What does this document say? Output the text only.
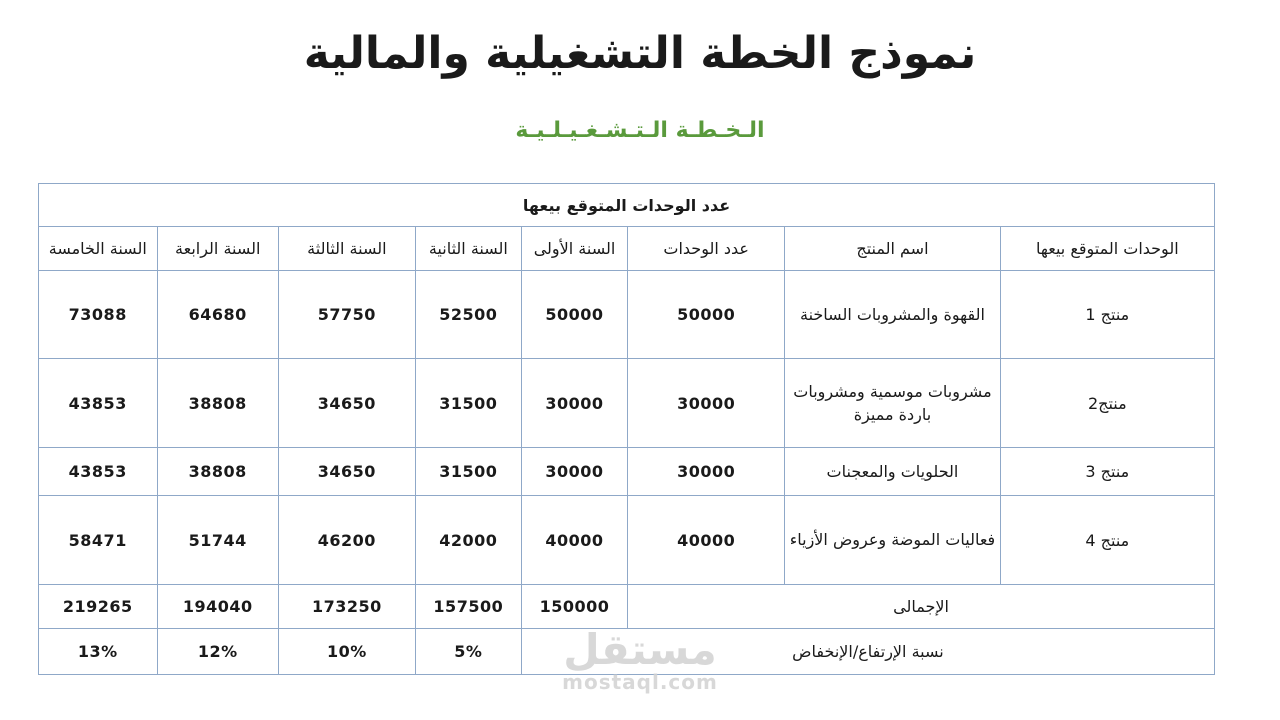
نموذج الخطة التشغيلية والمالية
الـخـطـة الـتـشـغـيـلـيـة
عدد الوحدات المتوقع بيعها							
الوحدات المتوقع بيعها	اسم المنتج	عدد الوحدات	السنة الأولى	السنة الثانية	السنة الثالثة	السنة الرابعة	السنة الخامسة
منتج 1	القهوة والمشروبات الساخنة	50000	50000	52500	57750	64680	73088
منتج2	مشروبات موسمية ومشروبات باردة مميزة	30000	30000	31500	34650	38808	43853
منتج 3	الحلويات والمعجنات	30000	30000	31500	34650	38808	43853
منتج 4	فعاليات الموضة وعروض الأزياء	40000	40000	42000	46200	51744	58471
الإجمالى			150000	157500	173250	194040	219265
نسبة الإرتفاع/الإنخفاض				5%	10%	12%	13%	مستقل
mostaql.com
